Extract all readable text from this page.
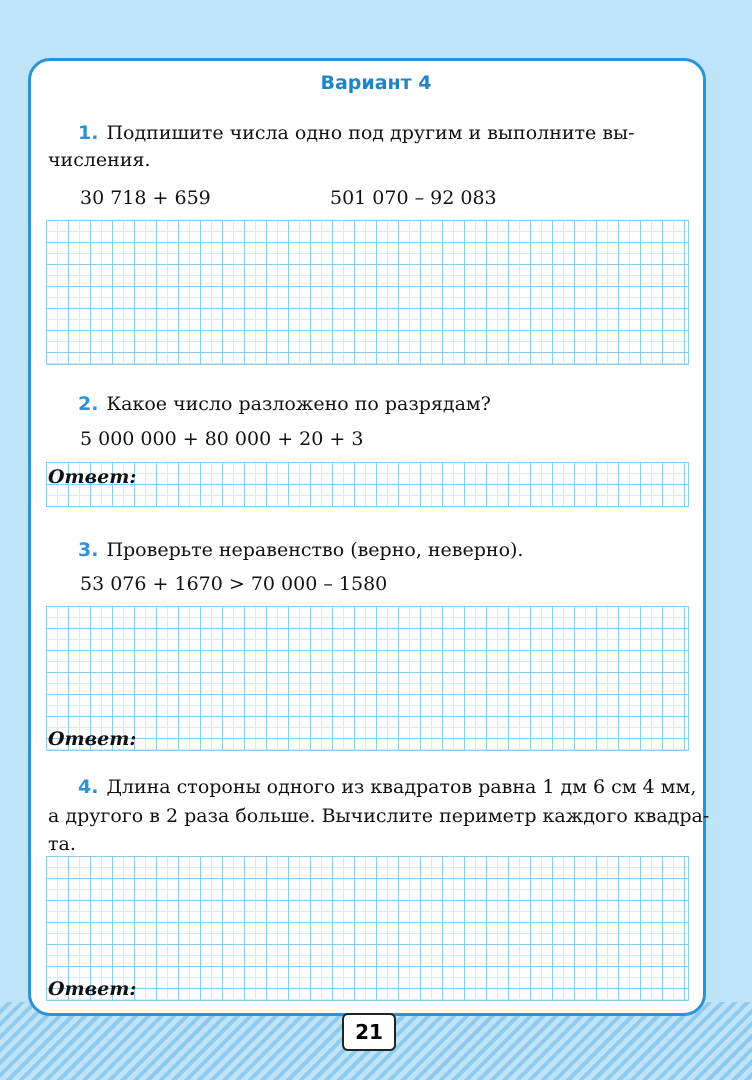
Вариант 4
1. Подпишите числа одно под другим и выполните вы-
числения.
30 718 + 659	501 070 – 92 083
2. Какое число разложено по разрядам?
5 000 000 + 80 000 + 20 + 3
Ответ:
3. Проверьте неравенство (верно, неверно).
53 076 + 1670 > 70 000 – 1580
Ответ:
4. Длина стороны одного из квадратов равна 1 дм 6 см 4 мм,
а другого в 2 раза больше. Вычислите периметр каждого квадра-
та.
Ответ:
21
